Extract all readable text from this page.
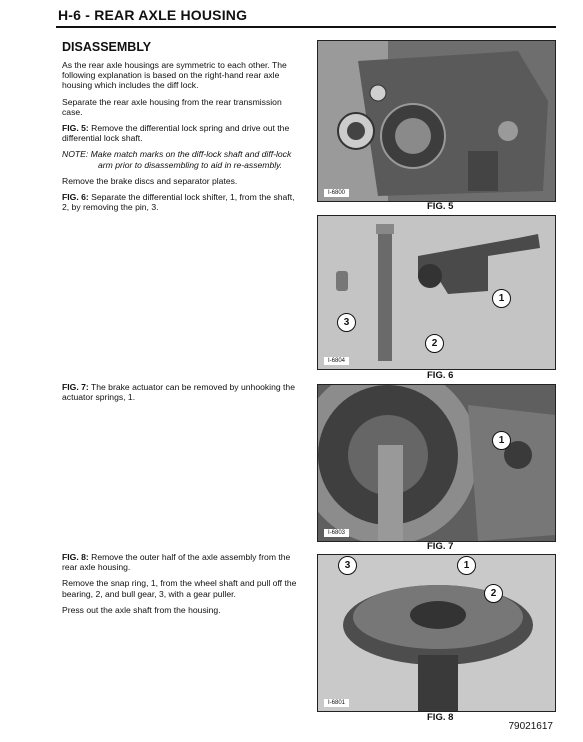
H-6 - REAR AXLE HOUSING
DISASSEMBLY

As the rear axle housings are symmetric to each other. The following explanation is based on the right-hand rear axle housing which includes the diff lock.

Separate the rear axle housing from the rear transmission case.

FIG. 5: Remove the differential lock spring and drive out the differential lock shaft.

NOTE: Make match marks on the diff-lock shaft and diff-lock arm prior to disassembling to aid in re-assembly.

Remove the brake discs and separator plates.

FIG. 6: Separate the differential lock shifter, 1, from the shaft, 2, by removing the pin, 3.

FIG. 7: The brake actuator can be removed by unhooking the actuator springs, 1.

FIG. 8: Remove the outer half of the axle assembly from the rear axle housing.

Remove the snap ring, 1, from the wheel shaft and pull off the bearing, 2, and bull gear, 3, with a gear puller.

Press out the axle shaft from the housing.

I-6800
FIG. 5
1
2
3
I-6804
FIG. 6
1
I-6803
FIG. 7
3	1
2
I-6801
FIG. 8
79021617
